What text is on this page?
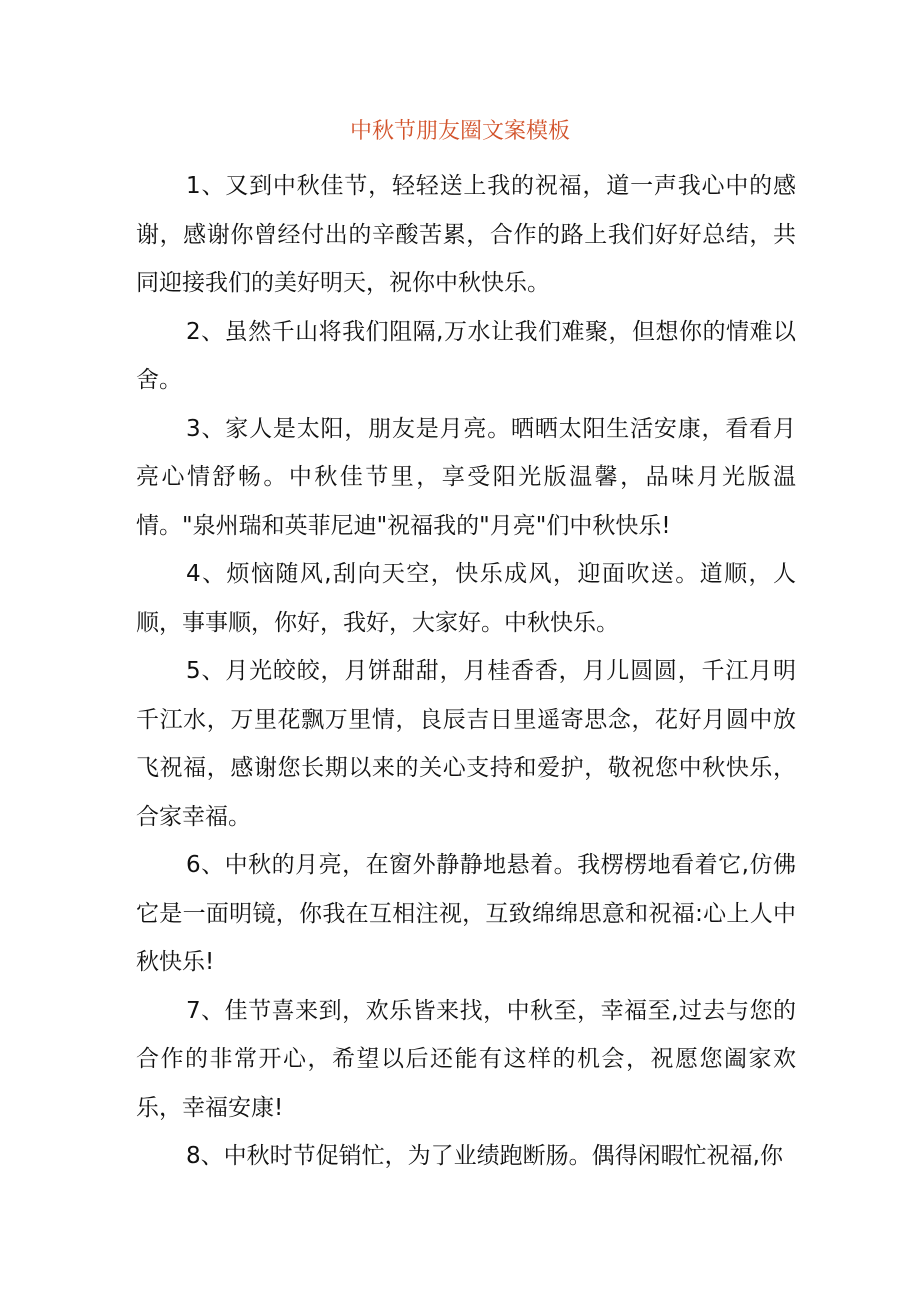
中秋节朋友圈文案模板

1、又到中秋佳节，轻轻送上我的祝福，道一声我心中的感谢，感谢你曾经付出的辛酸苦累，合作的路上我们好好总结，共同迎接我们的美好明天，祝你中秋快乐。

2、虽然千山将我们阻隔,万水让我们难聚，但想你的情难以舍。

3、家人是太阳，朋友是月亮。晒晒太阳生活安康，看看月亮心情舒畅。中秋佳节里，享受阳光版温馨，品味月光版温情。"泉州瑞和英菲尼迪"祝福我的"月亮"们中秋快乐!

4、烦恼随风,刮向天空，快乐成风，迎面吹送。道顺，人顺，事事顺，你好，我好，大家好。中秋快乐。

5、月光皎皎，月饼甜甜，月桂香香，月儿圆圆，千江月明千江水，万里花飘万里情，良辰吉日里遥寄思念，花好月圆中放飞祝福，感谢您长期以来的关心支持和爱护，敬祝您中秋快乐，合家幸福。

6、中秋的月亮，在窗外静静地悬着。我楞楞地看着它,仿佛它是一面明镜，你我在互相注视，互致绵绵思意和祝福:心上人中秋快乐!

7、佳节喜来到，欢乐皆来找，中秋至，幸福至,过去与您的合作的非常开心，希望以后还能有这样的机会，祝愿您阖家欢乐，幸福安康!

8、中秋时节促销忙，为了业绩跑断肠。偶得闲暇忙祝福,你
